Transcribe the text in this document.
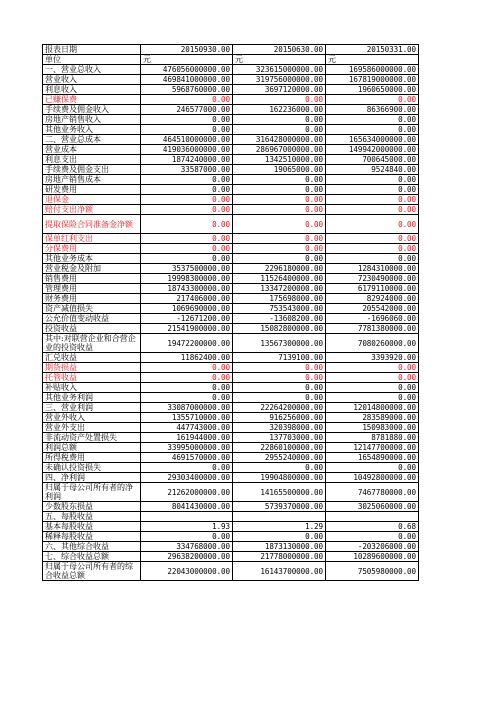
报表日期	20150930.00	20150630.00	20150331.00
单位	元	元	元
一、营业总收入	476056000000.00	323615000000.00	169586000000.00
营业收入	469841000000.00	319756000000.00	167819000000.00
利息收入	5968760000.00	3697120000.00	1960650000.00
已赚保费	0.00	0.00	0.00
手续费及佣金收入	246577000.00	162236000.00	86366900.00
房地产销售收入	0.00	0.00	0.00
其他业务收入	0.00	0.00	0.00
二、营业总成本	464510000000.00	316428000000.00	165634000000.00
营业成本	419036000000.00	286967000000.00	149942000000.00
利息支出	1874240000.00	1342510000.00	700645000.00
手续费及佣金支出	33587000.00	19065000.00	9524840.00
房地产销售成本	0.00	0.00	0.00
研发费用	0.00	0.00	0.00
退保金	0.00	0.00	0.00
赔付支出净额	0.00	0.00	0.00
提取保险合同准备金净额	0.00	0.00	0.00
保单红利支出	0.00	0.00	0.00
分保费用	0.00	0.00	0.00
其他业务成本	0.00	0.00	0.00
营业税金及附加	3537500000.00	2296180000.00	1284310000.00
销售费用	19998300000.00	11526400000.00	7230490000.00
管理费用	18743300000.00	13347200000.00	6179110000.00
财务费用	217406000.00	175698000.00	82924000.00
资产减值损失	1069690000.00	753543000.00	205542000.00
公允价值变动收益	-12671200.00	-13608200.00	-1696060.00
投资收益	21541900000.00	15082800000.00	7781380000.00
其中:对联营企业和合营企业的投资收益	19472200000.00	13567300000.00	7080260000.00
汇兑收益	11862400.00	7139100.00	3393920.00
期货损益	0.00	0.00	0.00
托管收益	0.00	0.00	0.00
补贴收入	0.00	0.00	0.00
其他业务利润	0.00	0.00	0.00
三、营业利润	33087000000.00	22264200000.00	12014800000.00
营业外收入	1355710000.00	916256000.00	283589000.00
营业外支出	447743000.00	320398000.00	150983000.00
非流动资产处置损失	161944000.00	137703000.00	8781880.00
利润总额	33995000000.00	22860100000.00	12147700000.00
所得税费用	4691570000.00	2955240000.00	1654890000.00
未确认投资损失	0.00	0.00	0.00
四、净利润	29303400000.00	19904800000.00	10492800000.00
归属于母公司所有者的净利润	21262000000.00	14165500000.00	7467780000.00
少数股东损益	8041430000.00	5739370000.00	3025060000.00
五、每股收益			
基本每股收益	1.93	1.29	0.68
稀释每股收益	0.00	0.00	0.00
六、其他综合收益	334768000.00	1873130000.00	-203206000.00
七、综合收益总额	29638200000.00	21778000000.00	10289600000.00
归属于母公司所有者的综合收益总额	22043000000.00	16143700000.00	7505980000.00
